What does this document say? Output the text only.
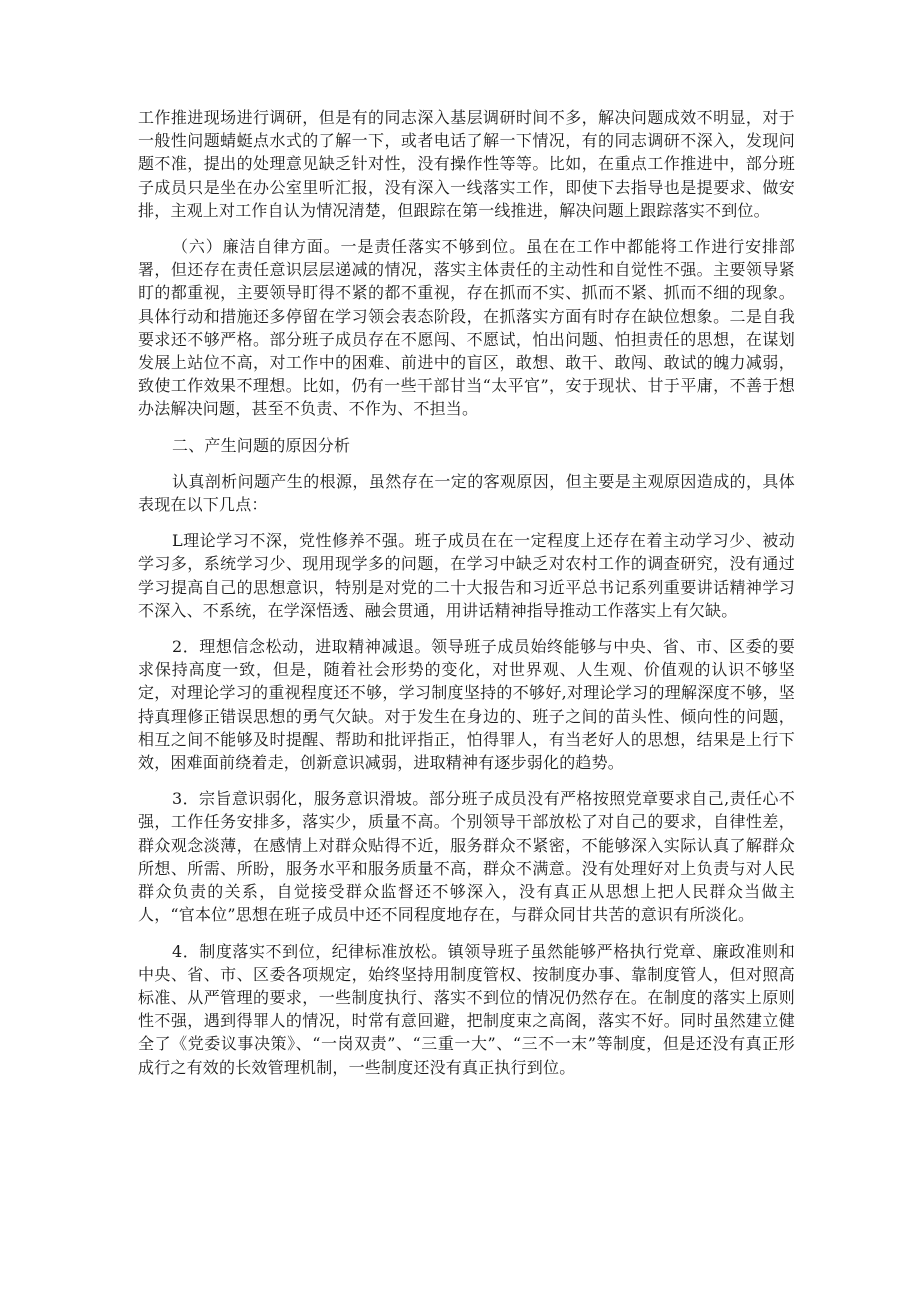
工作推进现场进行调研，但是有的同志深入基层调研时间不多，解决问题成效不明显，对于一般性问题蜻蜓点水式的了解一下，或者电话了解一下情况，有的同志调研不深入，发现问题不准，提出的处理意见缺乏针对性，没有操作性等等。比如，在重点工作推进中，部分班子成员只是坐在办公室里听汇报，没有深入一线落实工作，即使下去指导也是提要求、做安排，主观上对工作自认为情况清楚，但跟踪在第一线推进，解决问题上跟踪落实不到位。

（六）廉洁自律方面。一是责任落实不够到位。虽在在工作中都能将工作进行安排部署，但还存在责任意识层层递减的情况，落实主体责任的主动性和自觉性不强。主要领导紧盯的都重视，主要领导盯得不紧的都不重视，存在抓而不实、抓而不紧、抓而不细的现象。具体行动和措施还多停留在学习领会表态阶段，在抓落实方面有时存在缺位想象。二是自我要求还不够严格。部分班子成员存在不愿闯、不愿试，怕出问题、怕担责任的思想，在谋划发展上站位不高，对工作中的困难、前进中的盲区，敢想、敢干、敢闯、敢试的魄力减弱，致使工作效果不理想。比如，仍有一些干部甘当“太平官”，安于现状、甘于平庸，不善于想办法解决问题，甚至不负责、不作为、不担当。

二、产生问题的原因分析

认真剖析问题产生的根源，虽然存在一定的客观原因，但主要是主观原因造成的，具体表现在以下几点：

L理论学习不深，党性修养不强。班子成员在在一定程度上还存在着主动学习少、被动学习多，系统学习少、现用现学多的问题，在学习中缺乏对农村工作的调查研究，没有通过学习提高自己的思想意识，特别是对党的二十大报告和习近平总书记系列重要讲话精神学习不深入、不系统，在学深悟透、融会贯通，用讲话精神指导推动工作落实上有欠缺。

2．理想信念松动，进取精神减退。领导班子成员始终能够与中央、省、市、区委的要求保持高度一致，但是，随着社会形势的变化，对世界观、人生观、价值观的认识不够坚定，对理论学习的重视程度还不够，学习制度坚持的不够好,对理论学习的理解深度不够，坚持真理修正错误思想的勇气欠缺。对于发生在身边的、班子之间的苗头性、倾向性的问题，相互之间不能够及时提醒、帮助和批评指正，怕得罪人，有当老好人的思想，结果是上行下效，困难面前绕着走，创新意识减弱，进取精神有逐步弱化的趋势。

3．宗旨意识弱化，服务意识滑坡。部分班子成员没有严格按照党章要求自己,责任心不强，工作任务安排多，落实少，质量不高。个别领导干部放松了对自己的要求，自律性差，群众观念淡薄，在感情上对群众贴得不近，服务群众不紧密，不能够深入实际认真了解群众所想、所需、所盼，服务水平和服务质量不高，群众不满意。没有处理好对上负责与对人民群众负责的关系，自觉接受群众监督还不够深入，没有真正从思想上把人民群众当做主人，“官本位”思想在班子成员中还不同程度地存在，与群众同甘共苦的意识有所淡化。

4．制度落实不到位，纪律标准放松。镇领导班子虽然能够严格执行党章、廉政准则和中央、省、市、区委各项规定，始终坚持用制度管权、按制度办事、靠制度管人，但对照高标准、从严管理的要求，一些制度执行、落实不到位的情况仍然存在。在制度的落实上原则性不强，遇到得罪人的情况，时常有意回避，把制度束之高阁，落实不好。同时虽然建立健全了《党委议事决策》、“一岗双责”、“三重一大”、“三不一末”等制度，但是还没有真正形成行之有效的长效管理机制，一些制度还没有真正执行到位。
